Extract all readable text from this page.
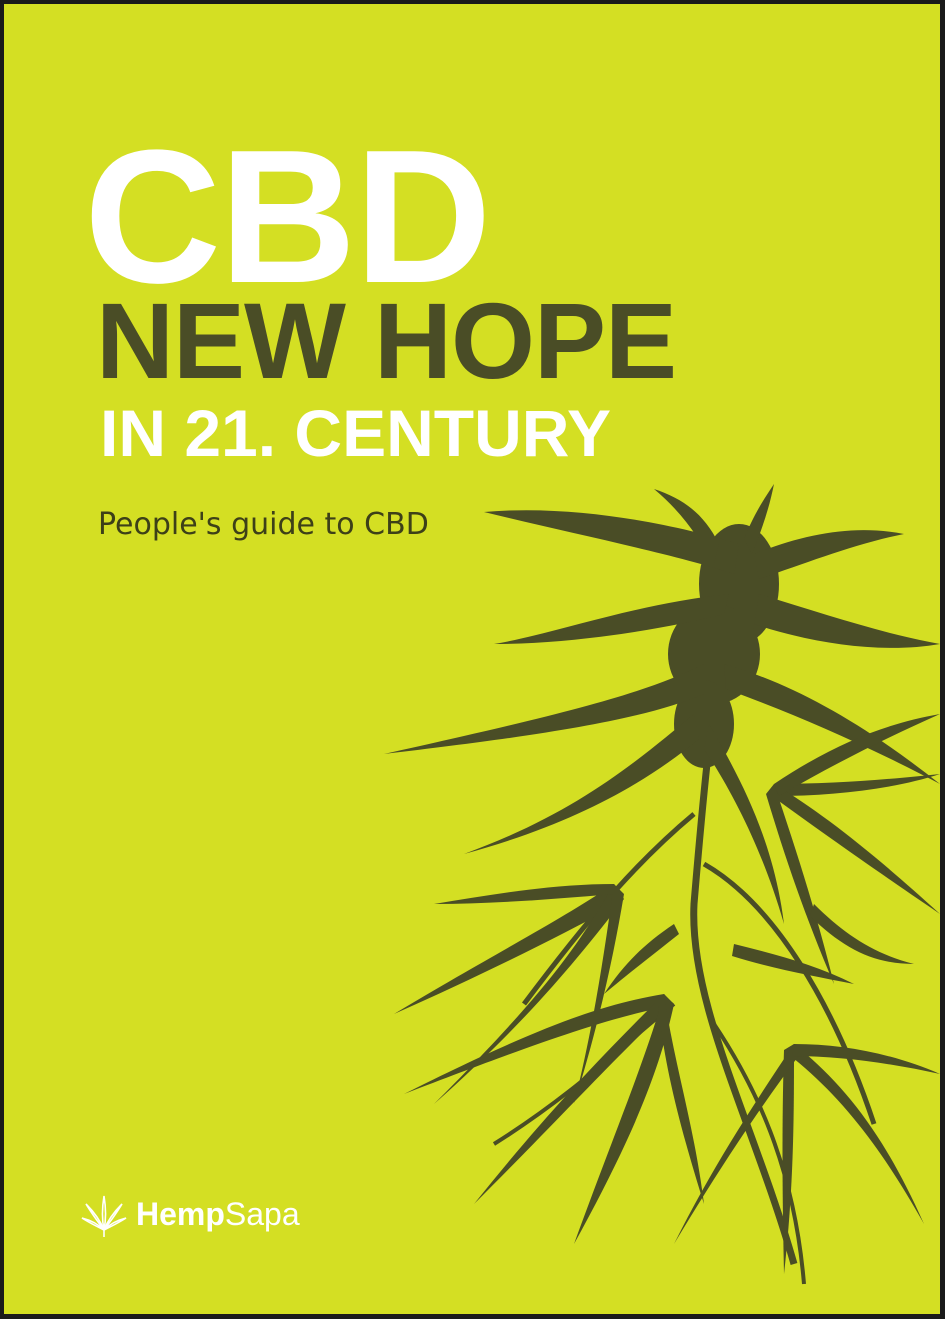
CBD
NEW HOPE
IN 21. CENTURY

People's guide to CBD

HempSapa
